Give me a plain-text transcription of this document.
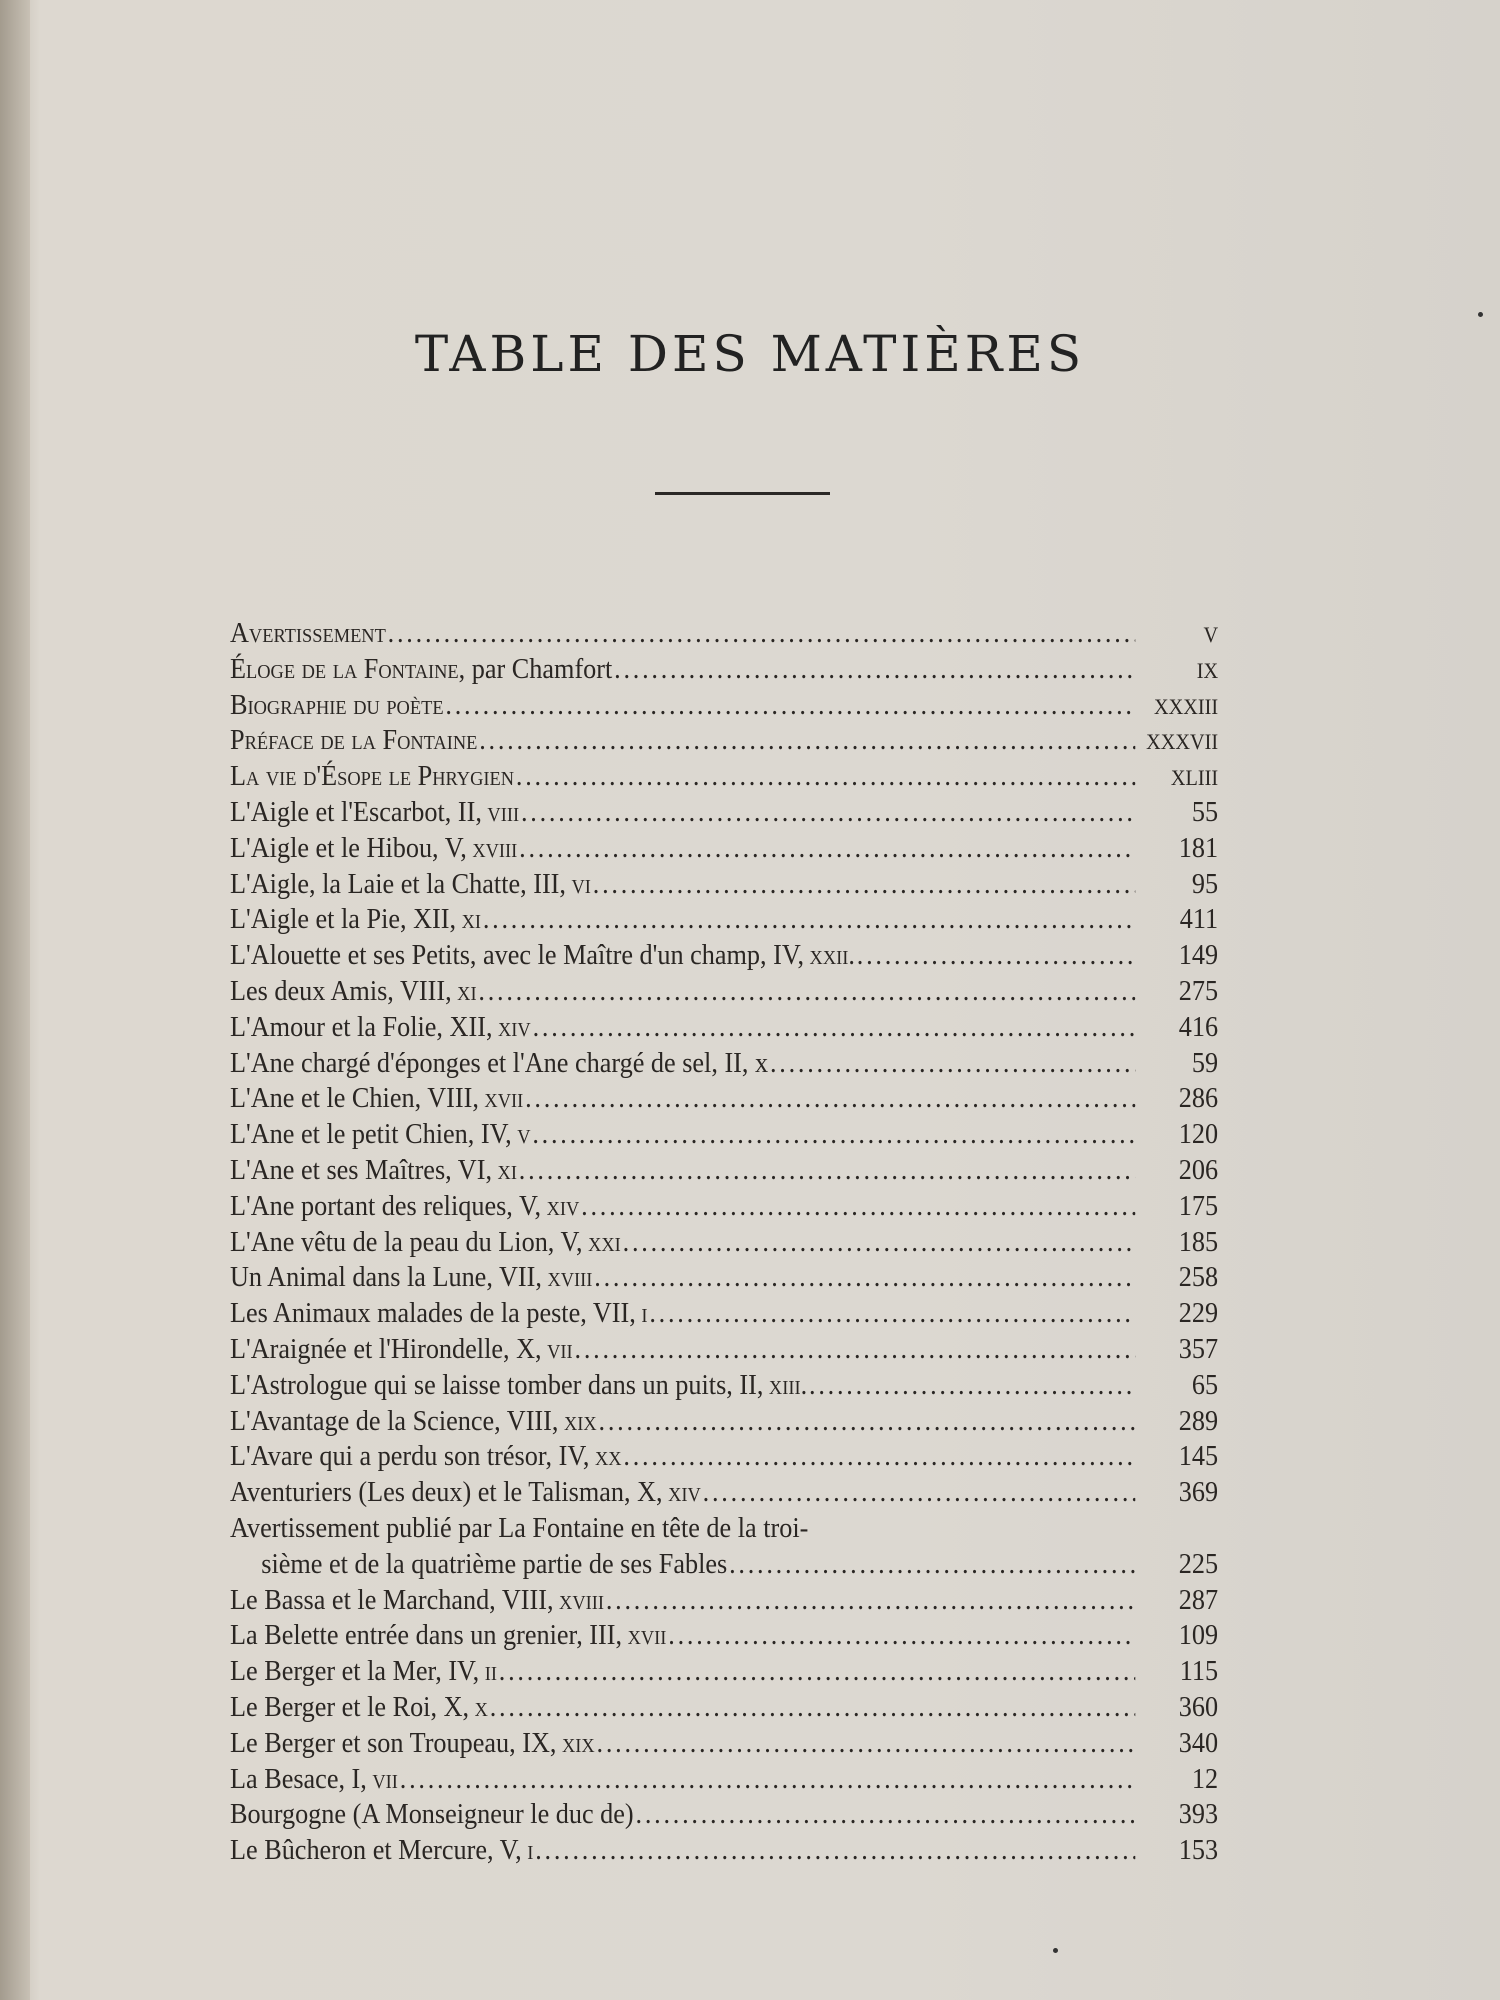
TABLE DES MATIÈRES
Avertissement .....	V
Éloge de la Fontaine , par Chamfort .....	IX
Biographie du poète .....	XXXIII
Préface de la Fontaine .....	XXXVII
La vie d'Ésope le Phrygien .....	XLIII
L'Aigle et l'Escarbot, II, viii .....	55
L'Aigle et le Hibou, V, xviii .....	181
L'Aigle, la Laie et la Chatte, III, vi .....	95
L'Aigle et la Pie, XII, xi .....	411
L'Alouette et ses Petits, avec le Maître d'un champ, IV, xxii. .....	149
Les deux Amis, VIII, xi .....	275
L'Amour et la Folie, XII, xiv .....	416
L'Ane chargé d'éponges et l'Ane chargé de sel, II, x .....	59
L'Ane et le Chien, VIII, xvii .....	286
L'Ane et le petit Chien, IV, v .....	120
L'Ane et ses Maîtres, VI, xi .....	206
L'Ane portant des reliques, V, xiv .....	175
L'Ane vêtu de la peau du Lion, V, xxi .....	185
Un Animal dans la Lune, VII, xviii .....	258
Les Animaux malades de la peste, VII, i .....	229
L'Araignée et l'Hirondelle, X, vii .....	357
L'Astrologue qui se laisse tomber dans un puits, II, xiii. .....	65
L'Avantage de la Science, VIII, xix .....	289
L'Avare qui a perdu son trésor, IV, xx .....	145
Aventuriers (Les deux) et le Talisman, X, xiv .....	369
Avertissement publié par La Fontaine en tête de la troi-
sième et de la quatrième partie de ses Fables .....	225
Le Bassa et le Marchand, VIII, xviii .....	287
La Belette entrée dans un grenier, III, xvii .....	109
Le Berger et la Mer, IV, ii .....	115
Le Berger et le Roi, X, x .....	360
Le Berger et son Troupeau, IX, xix .....	340
La Besace, I, vii .....	12
Bourgogne (A Monseigneur le duc de) .....	393
Le Bûcheron et Mercure, V, i .....	153
